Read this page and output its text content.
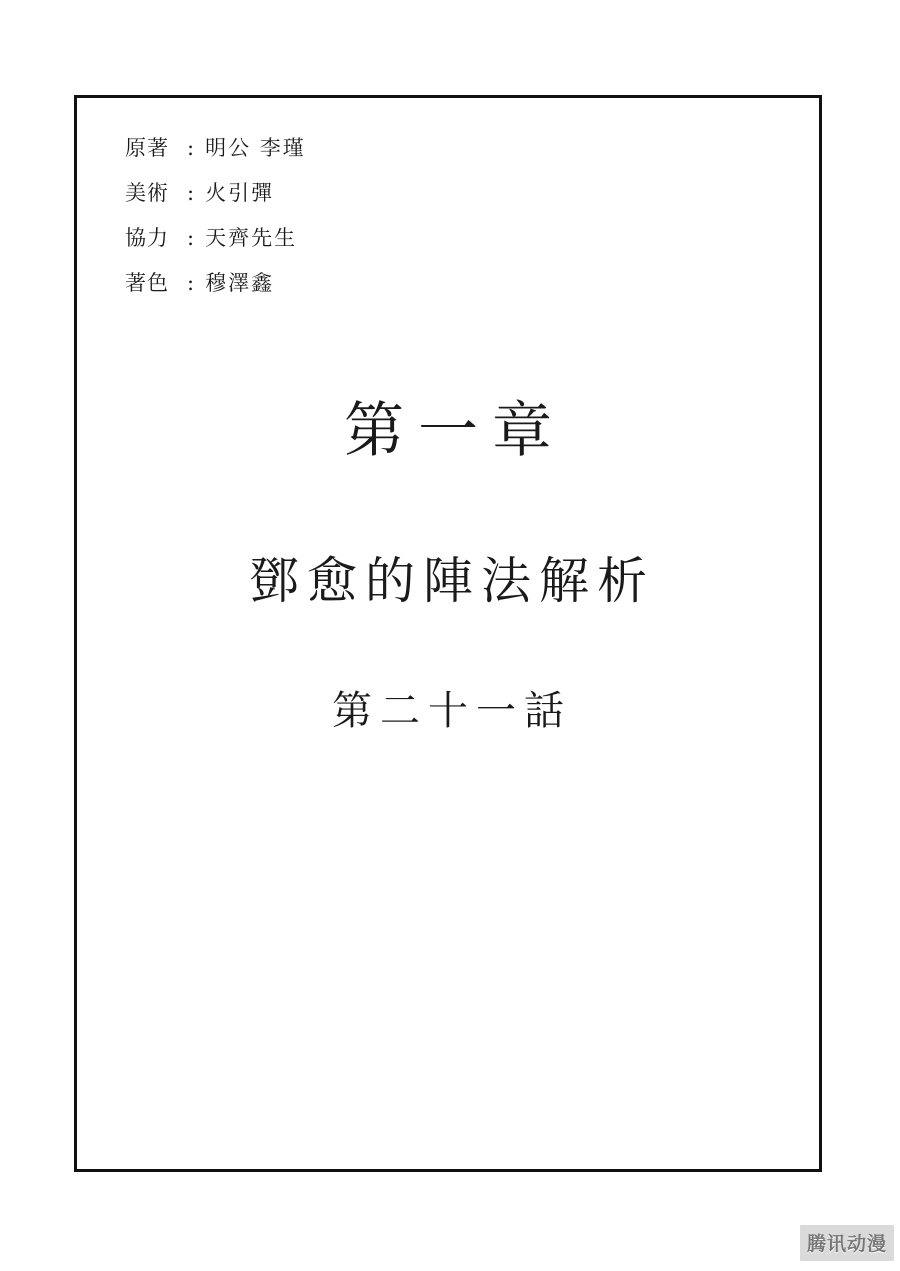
原著 : 明公 李瑾
美術 : 火引彈
協力 : 天齊先生
著色 : 穆澤鑫
第一章
鄧愈的陣法解析
第二十一話
腾讯动漫
